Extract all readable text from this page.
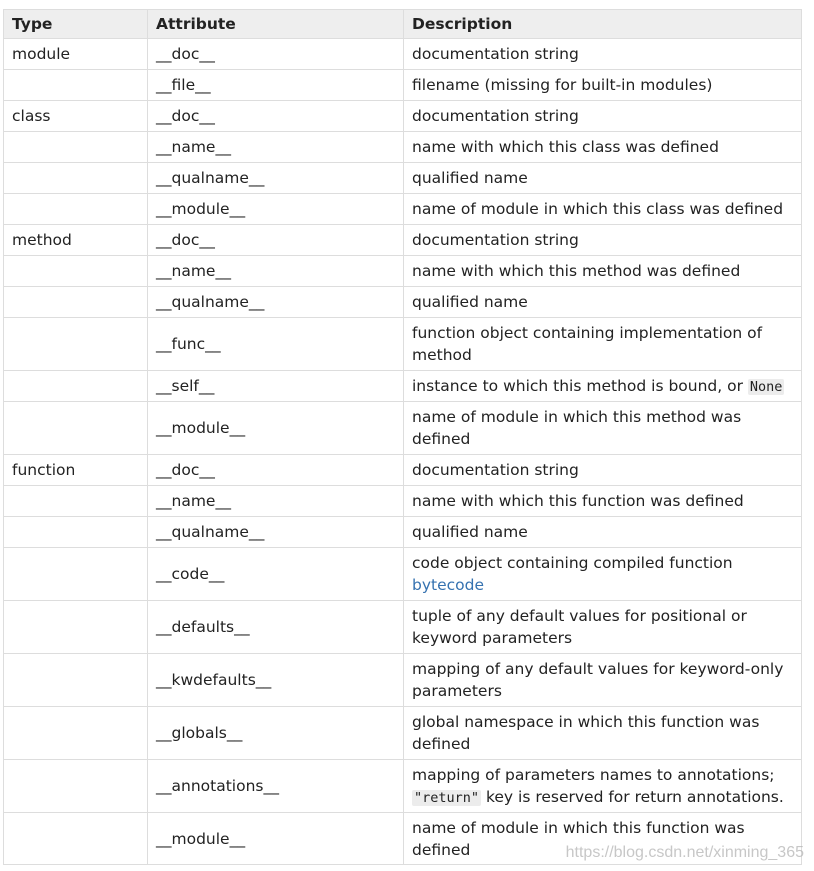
Type	Attribute	Description
module	__doc__	documentation string
	__file__	filename (missing for built-in modules)
class	__doc__	documentation string
	__name__	name with which this class was defined
	__qualname__	qualified name
	__module__	name of module in which this class was defined
method	__doc__	documentation string
	__name__	name with which this method was defined
	__qualname__	qualified name
	__func__	function object containing implementation of method
	__self__	instance to which this method is bound, or None
	__module__	name of module in which this method was defined
function	__doc__	documentation string
	__name__	name with which this function was defined
	__qualname__	qualified name
	__code__	code object containing compiled function bytecode
	__defaults__	tuple of any default values for positional or keyword parameters
	__kwdefaults__	mapping of any default values for keyword-only parameters
	__globals__	global namespace in which this function was defined
	__annotations__	mapping of parameters names to annotations; "return" key is reserved for return annotations.
	__module__	name of module in which this function was defined	https://blog.csdn.net/xinming_365
